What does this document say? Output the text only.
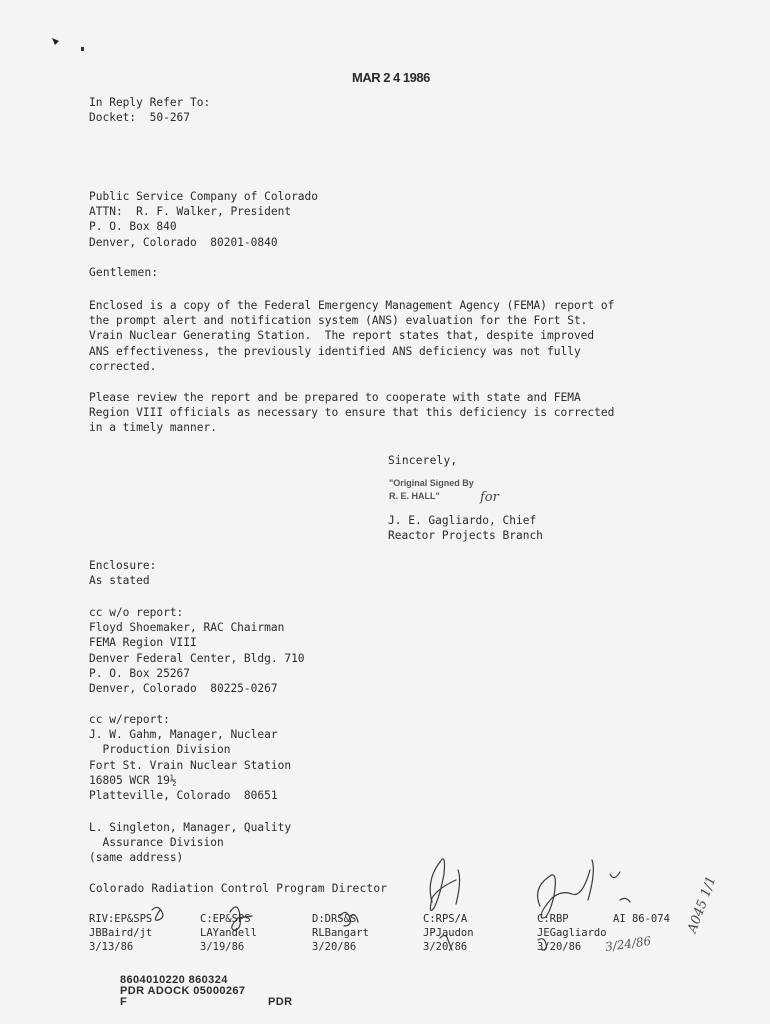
MAR 2 4 1986
In Reply Refer To:
Docket:  50-267
Public Service Company of Colorado
ATTN:  R. F. Walker, President
P. O. Box 840
Denver, Colorado  80201-0840
Gentlemen:
Enclosed is a copy of the Federal Emergency Management Agency (FEMA) report of
the prompt alert and notification system (ANS) evaluation for the Fort St.
Vrain Nuclear Generating Station.  The report states that, despite improved
ANS effectiveness, the previously identified ANS deficiency was not fully
corrected.
Please review the report and be prepared to cooperate with state and FEMA
Region VIII officials as necessary to ensure that this deficiency is corrected
in a timely manner.
Sincerely,
"Original Signed By
R. E. HALL"	for
J. E. Gagliardo, Chief
Reactor Projects Branch
Enclosure:
As stated
cc w/o report:
Floyd Shoemaker, RAC Chairman
FEMA Region VIII
Denver Federal Center, Bldg. 710
P. O. Box 25267
Denver, Colorado  80225-0267
cc w/report:
J. W. Gahm, Manager, Nuclear
Production Division
Fort St. Vrain Nuclear Station
16805 WCR 19½
Platteville, Colorado  80651
L. Singleton, Manager, Quality
Assurance Division
(same address)
Colorado Radiation Control Program Director
RIV:EP&SPS
JBBaird/jt
3/13/86
C:EP&SPS
LAYandell
3/19/86
D:DRS&S
RLBangart
3/20/86
C:RPS/A
JPJaudon
3/20/86
C:RBP
JEGagliardo
3/20/86
AI 86-074
3/24/86
8604010220 860324
PDR ADOCK 05000267
F	PDR
A045 1/1
